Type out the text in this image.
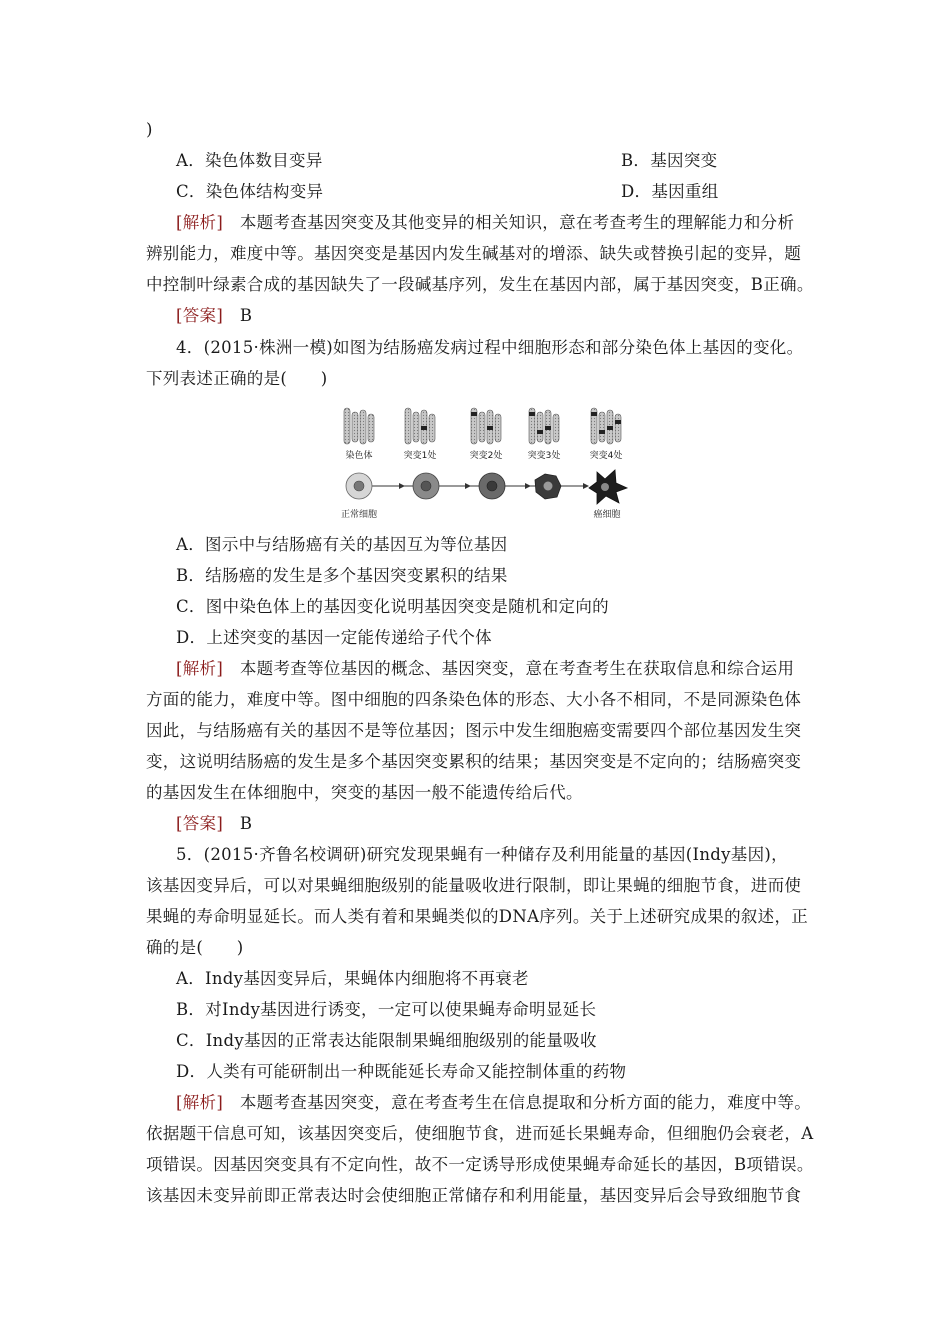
)
A．染色体数目变异	B．基因突变
C．染色体结构变异	D．基因重组
[解析]　本题考查基因突变及其他变异的相关知识，意在考查考生的理解能力和分析
辨别能力，难度中等。基因突变是基因内发生碱基对的增添、缺失或替换引起的变异，题
中控制叶绿素合成的基因缺失了一段碱基序列，发生在基因内部，属于基因突变，B正确。
[答案]　B
4．(2015·株洲一模)如图为结肠癌发病过程中细胞形态和部分染色体上基因的变化。
下列表述正确的是(　　)
染色体	突变1处	突变2处	突变3处	突变4处
正常细胞	癌细胞
A．图示中与结肠癌有关的基因互为等位基因
B．结肠癌的发生是多个基因突变累积的结果
C．图中染色体上的基因变化说明基因突变是随机和定向的
D．上述突变的基因一定能传递给子代个体
[解析]　本题考查等位基因的概念、基因突变，意在考查考生在获取信息和综合运用
方面的能力，难度中等。图中细胞的四条染色体的形态、大小各不相同，不是同源染色体
因此，与结肠癌有关的基因不是等位基因；图示中发生细胞癌变需要四个部位基因发生突
变，这说明结肠癌的发生是多个基因突变累积的结果；基因突变是不定向的；结肠癌突变
的基因发生在体细胞中，突变的基因一般不能遗传给后代。
[答案]　B
5．(2015·齐鲁名校调研)研究发现果蝇有一种储存及利用能量的基因(Indy基因)，
该基因变异后，可以对果蝇细胞级别的能量吸收进行限制，即让果蝇的细胞节食，进而使
果蝇的寿命明显延长。而人类有着和果蝇类似的DNA序列。关于上述研究成果的叙述，正
确的是(　　)
A．Indy基因变异后，果蝇体内细胞将不再衰老
B．对Indy基因进行诱变，一定可以使果蝇寿命明显延长
C．Indy基因的正常表达能限制果蝇细胞级别的能量吸收
D．人类有可能研制出一种既能延长寿命又能控制体重的药物
[解析]　本题考查基因突变，意在考查考生在信息提取和分析方面的能力，难度中等。
依据题干信息可知，该基因突变后，使细胞节食，进而延长果蝇寿命，但细胞仍会衰老，A
项错误。因基因突变具有不定向性，故不一定诱导形成使果蝇寿命延长的基因，B项错误。
该基因未变异前即正常表达时会使细胞正常储存和利用能量，基因变异后会导致细胞节食
